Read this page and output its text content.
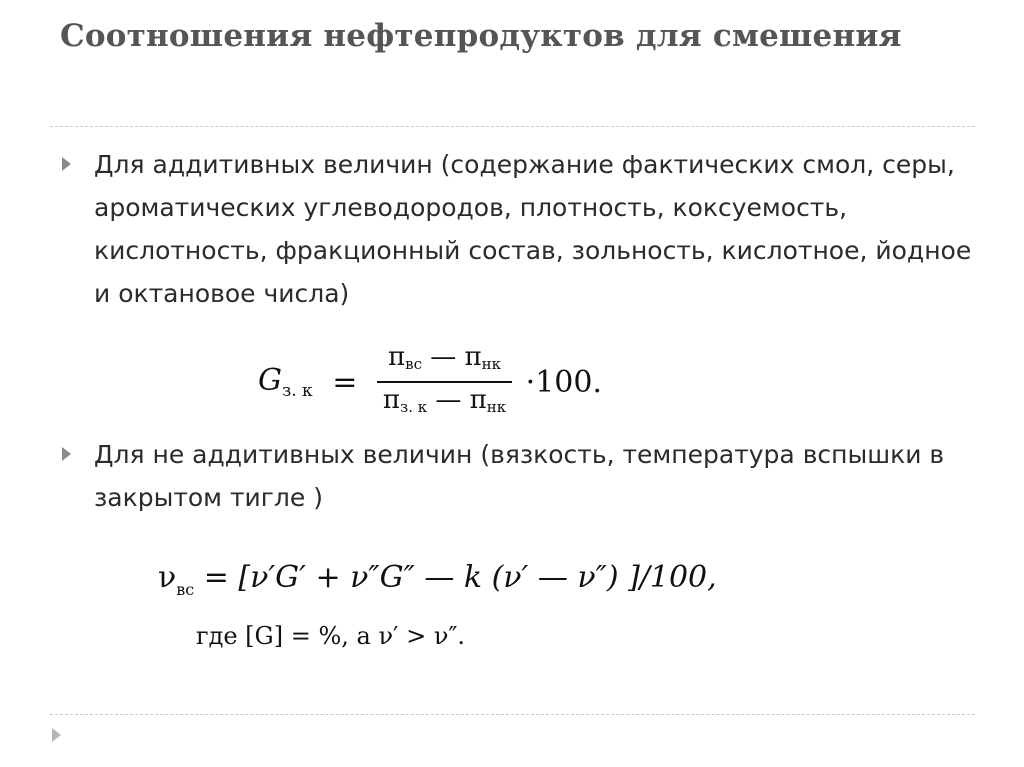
Соотношения нефтепродуктов для смешения

Для аддитивных величин (содержание фактических смол, серы, ароматических углеводородов, плотность, коксуемость, кислотность, фракционный состав, зольность, кислотное, йодное и октановое числа)

$G_{з. к} = \frac{\text{πвс — πнк}}{\text{πз. к — πнк}} \cdot 100$.

Для не аддитивных величин (вязкость, температура вспышки в закрытом тигле )

$\nu_{вс} = [\nu'G' + \nu''G''$ — k (ν′ — ν″) ]/100,
где [G] = %, а ν′ > ν″.
